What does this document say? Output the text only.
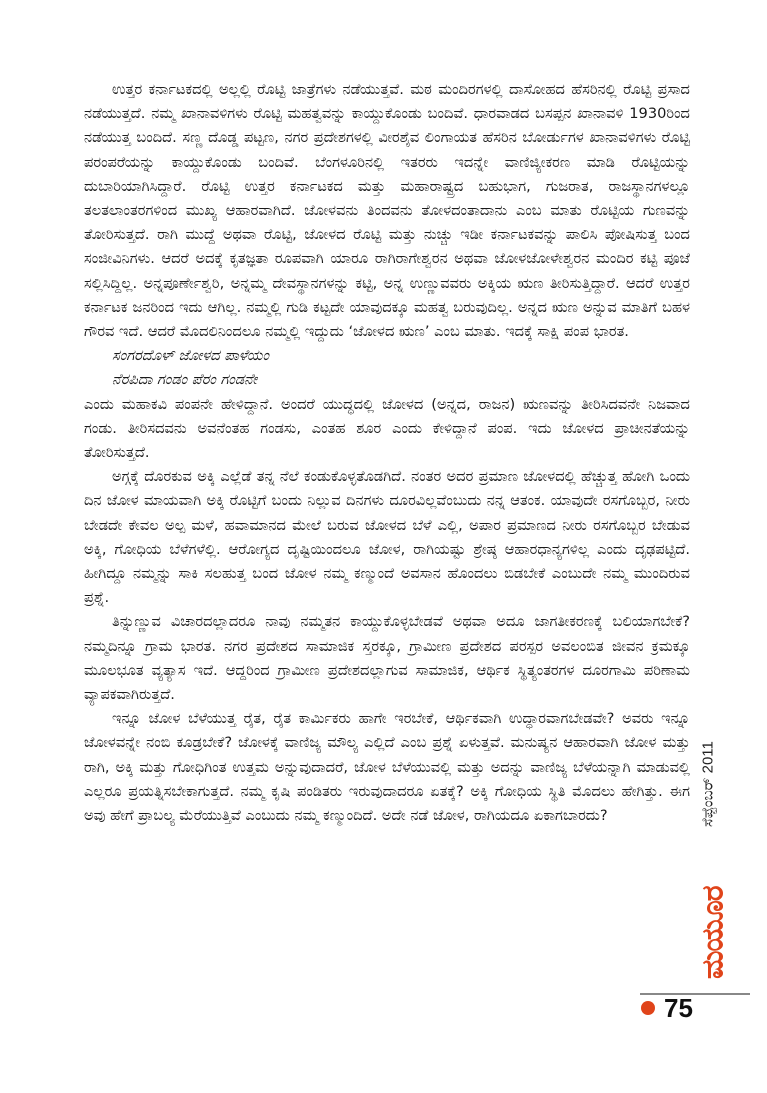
ಉತ್ತರ ಕರ್ನಾಟಕದಲ್ಲಿ ಅಲ್ಲಲ್ಲಿ ರೊಟ್ಟಿ ಜಾತ್ರೆಗಳು ನಡೆಯುತ್ತವೆ. ಮಠ ಮಂದಿರಗಳಲ್ಲಿ ದಾಸೋಹದ ಹೆಸರಿನಲ್ಲಿ ರೊಟ್ಟಿ ಪ್ರಸಾದ ನಡೆಯುತ್ತದೆ. ನಮ್ಮ ಖಾನಾವಳಿಗಳು ರೊಟ್ಟಿ ಮಹತ್ವವನ್ನು ಕಾಯ್ದುಕೊಂಡು ಬಂದಿವೆ. ಧಾರವಾಡದ ಬಸಪ್ಪನ ಖಾನಾವಳಿ 1930ರಿಂದ ನಡೆಯುತ್ತ ಬಂದಿದೆ. ಸಣ್ಣ ದೊಡ್ಡ ಪಟ್ಟಣ, ನಗರ ಪ್ರದೇಶಗಳಲ್ಲಿ ವೀರಶೈವ ಲಿಂಗಾಯತ ಹೆಸರಿನ ಬೋರ್ಡುಗಳ ಖಾನಾವಳಿಗಳು ರೊಟ್ಟಿ ಪರಂಪರೆಯನ್ನು ಕಾಯ್ದುಕೊಂಡು ಬಂದಿವೆ. ಬೆಂಗಳೂರಿನಲ್ಲಿ ಇತರರು ಇದನ್ನೇ ವಾಣಿಜ್ಯೀಕರಣ ಮಾಡಿ ರೊಟ್ಟಿಯನ್ನು ದುಬಾರಿಯಾಗಿಸಿದ್ದಾರೆ. ರೊಟ್ಟಿ ಉತ್ತರ ಕರ್ನಾಟಕದ ಮತ್ತು ಮಹಾರಾಷ್ಟ್ರದ ಬಹುಭಾಗ, ಗುಜರಾತ, ರಾಜಸ್ಥಾನಗಳಲ್ಲೂ ತಲತಲಾಂತರಗಳಿಂದ ಮುಖ್ಯ ಆಹಾರವಾಗಿದೆ. ಜೋಳವನು ತಿಂದವನು ತೋಳದಂತಾದಾನು ಎಂಬ ಮಾತು ರೊಟ್ಟಿಯ ಗುಣವನ್ನು ತೋರಿಸುತ್ತದೆ. ರಾಗಿ ಮುದ್ದೆ ಅಥವಾ ರೊಟ್ಟಿ, ಜೋಳದ ರೊಟ್ಟಿ ಮತ್ತು ನುಚ್ಚು ಇಡೀ ಕರ್ನಾಟಕವನ್ನು ಪಾಲಿಸಿ ಪೋಷಿಸುತ್ತ ಬಂದ ಸಂಜೀವಿನಿಗಳು. ಆದರೆ ಅದಕ್ಕೆ ಕೃತಜ್ಞತಾ ರೂಪವಾಗಿ ಯಾರೂ ರಾಗಿರಾಗೇಶ್ವರನ ಅಥವಾ ಜೋಳಜೋಳೇಶ್ವರನ ಮಂದಿರ ಕಟ್ಟಿ ಪೂಜೆ ಸಲ್ಲಿಸಿದ್ದಿಲ್ಲ. ಅನ್ನಪೂರ್ಣೇಶ್ವರಿ, ಅನ್ನಮ್ಮ ದೇವಸ್ಥಾನಗಳನ್ನು ಕಟ್ಟಿ, ಅನ್ನ ಉಣ್ಣುವವರು ಅಕ್ಕಿಯ ಋಣ ತೀರಿಸುತ್ತಿದ್ದಾರೆ. ಆದರೆ ಉತ್ತರ ಕರ್ನಾಟಕ ಜನರಿಂದ ಇದು ಆಗಿಲ್ಲ. ನಮ್ಮಲ್ಲಿ ಗುಡಿ ಕಟ್ಟದೇ ಯಾವುದಕ್ಕೂ ಮಹತ್ವ ಬರುವುದಿಲ್ಲ. ಅನ್ನದ ಋಣ ಅನ್ನುವ ಮಾತಿಗೆ ಬಹಳ ಗೌರವ ಇದೆ. ಆದರೆ ಮೊದಲಿನಿಂದಲೂ ನಮ್ಮಲ್ಲಿ ಇದ್ದುದು ‘ಜೋಳದ ಋಣ’ ಎಂಬ ಮಾತು. ಇದಕ್ಕೆ ಸಾಕ್ಷಿ ಪಂಪ ಭಾರತ.

ಸಂಗರದೊಳ್ ಜೋಳದ ಪಾಳೆಯಂ

ನೆರಪಿದಾ ಗಂಡಂ ಪೆರಂ ಗಂಡನೇ

ಎಂದು ಮಹಾಕವಿ ಪಂಪನೇ ಹೇಳಿದ್ದಾನೆ. ಅಂದರೆ ಯುದ್ಧದಲ್ಲಿ ಜೋಳದ (ಅನ್ನದ, ರಾಜನ) ಋಣವನ್ನು ತೀರಿಸಿದವನೇ ನಿಜವಾದ ಗಂಡು. ತೀರಿಸದವನು ಅವನೆಂತಹ ಗಂಡಸು, ಎಂತಹ ಶೂರ ಎಂದು ಕೇಳಿದ್ದಾನೆ ಪಂಪ. ಇದು ಜೋಳದ ಪ್ರಾಚೀನತೆಯನ್ನು ತೋರಿಸುತ್ತದೆ.

ಅಗ್ಗಕ್ಕೆ ದೊರಕುವ ಅಕ್ಕಿ ಎಲ್ಲೆಡೆ ತನ್ನ ನೆಲೆ ಕಂಡುಕೊಳ್ಳತೊಡಗಿದೆ. ನಂತರ ಅದರ ಪ್ರಮಾಣ ಜೋಳದಲ್ಲಿ ಹೆಚ್ಚುತ್ತ ಹೋಗಿ ಒಂದು ದಿನ ಜೋಳ ಮಾಯವಾಗಿ ಅಕ್ಕಿ ರೊಟ್ಟಿಗೆ ಬಂದು ನಿಲ್ಲುವ ದಿನಗಳು ದೂರವಿಲ್ಲವೆಂಬುದು ನನ್ನ ಆತಂಕ. ಯಾವುದೇ ರಸಗೊಬ್ಬರ, ನೀರು ಬೇಡದೇ ಕೇವಲ ಅಲ್ಪ ಮಳೆ, ಹವಾಮಾನದ ಮೇಲೆ ಬರುವ ಜೋಳದ ಬೆಳೆ ಎಲ್ಲಿ, ಅಪಾರ ಪ್ರಮಾಣದ ನೀರು ರಸಗೊಬ್ಬರ ಬೇಡುವ ಅಕ್ಕಿ, ಗೋಧಿಯ ಬೆಳೆಗಳೆಲ್ಲಿ. ಆರೋಗ್ಯದ ದೃಷ್ಟಿಯಿಂದಲೂ ಜೋಳ, ರಾಗಿಯಷ್ಟು ಶ್ರೇಷ್ಠ ಆಹಾರಧಾನ್ಯಗಳಿಲ್ಲ ಎಂದು ದೃಢಪಟ್ಟಿದೆ. ಹೀಗಿದ್ದೂ ನಮ್ಮನ್ನು ಸಾಕಿ ಸಲಹುತ್ತ ಬಂದ ಜೋಳ ನಮ್ಮ ಕಣ್ಮುಂದೆ ಅವಸಾನ ಹೊಂದಲು ಬಿಡಬೇಕೆ ಎಂಬುದೇ ನಮ್ಮ ಮುಂದಿರುವ ಪ್ರಶ್ನೆ.

ತಿನ್ನುಣ್ಣುವ ವಿಚಾರದಲ್ಲಾದರೂ ನಾವು ನಮ್ಮತನ ಕಾಯ್ದುಕೊಳ್ಳಬೇಡವೆ ಅಥವಾ ಅದೂ ಜಾಗತೀಕರಣಕ್ಕೆ ಬಲಿಯಾಗಬೇಕೆ? ನಮ್ಮದಿನ್ನೂ ಗ್ರಾಮ ಭಾರತ. ನಗರ ಪ್ರದೇಶದ ಸಾಮಾಜಿಕ ಸ್ತರಕ್ಕೂ, ಗ್ರಾಮೀಣ ಪ್ರದೇಶದ ಪರಸ್ಪರ ಅವಲಂಬಿತ ಜೀವನ ಕ್ರಮಕ್ಕೂ ಮೂಲಭೂತ ವ್ಯತ್ಯಾಸ ಇದೆ. ಆದ್ದರಿಂದ ಗ್ರಾಮೀಣ ಪ್ರದೇಶದಲ್ಲಾಗುವ ಸಾಮಾಜಿಕ, ಆರ್ಥಿಕ ಸ್ಥಿತ್ಯಂತರಗಳ ದೂರಗಾಮಿ ಪರಿಣಾಮ ವ್ಯಾಪಕವಾಗಿರುತ್ತದೆ.

ಇನ್ನೂ ಜೋಳ ಬೆಳೆಯುತ್ತ ರೈತ, ರೈತ ಕಾರ್ಮಿಕರು ಹಾಗೇ ಇರಬೇಕೆ, ಆರ್ಥಿಕವಾಗಿ ಉದ್ಧಾರವಾಗಬೇಡವೇ? ಅವರು ಇನ್ನೂ ಜೋಳವನ್ನೇ ನಂಬಿ ಕೂಡ್ರಬೇಕೆ? ಜೋಳಕ್ಕೆ ವಾಣಿಜ್ಯ ಮೌಲ್ಯ ಎಲ್ಲಿದೆ ಎಂಬ ಪ್ರಶ್ನೆ ಏಳುತ್ತವೆ. ಮನುಷ್ಯನ ಆಹಾರವಾಗಿ ಜೋಳ ಮತ್ತು ರಾಗಿ, ಅಕ್ಕಿ ಮತ್ತು ಗೋಧಿಗಿಂತ ಉತ್ತಮ ಅನ್ನುವುದಾದರೆ, ಜೋಳ ಬೆಳೆಯುವಲ್ಲಿ ಮತ್ತು ಅದನ್ನು ವಾಣಿಜ್ಯ ಬೆಳೆಯನ್ನಾಗಿ ಮಾಡುವಲ್ಲಿ ಎಲ್ಲರೂ ಪ್ರಯತ್ನಿಸಬೇಕಾಗುತ್ತದೆ. ನಮ್ಮ ಕೃಷಿ ಪಂಡಿತರು ಇರುವುದಾದರೂ ಏತಕ್ಕೆ? ಅಕ್ಕಿ ಗೋಧಿಯ ಸ್ಥಿತಿ ಮೊದಲು ಹೇಗಿತ್ತು. ಈಗ ಅವು ಹೇಗೆ ಪ್ರಾಬಲ್ಯ ಮೆರೆಯುತ್ತಿವೆ ಎಂಬುದು ನಮ್ಮ ಕಣ್ಮುಂದಿದೆ. ಅದೇ ನಡೆ ಜೋಳ, ರಾಗಿಯದೂ ಏಕಾಗಬಾರದು?	ಸೆಪ್ಟೆಂಬರ್ 2011
ಮಯೂರ
75
